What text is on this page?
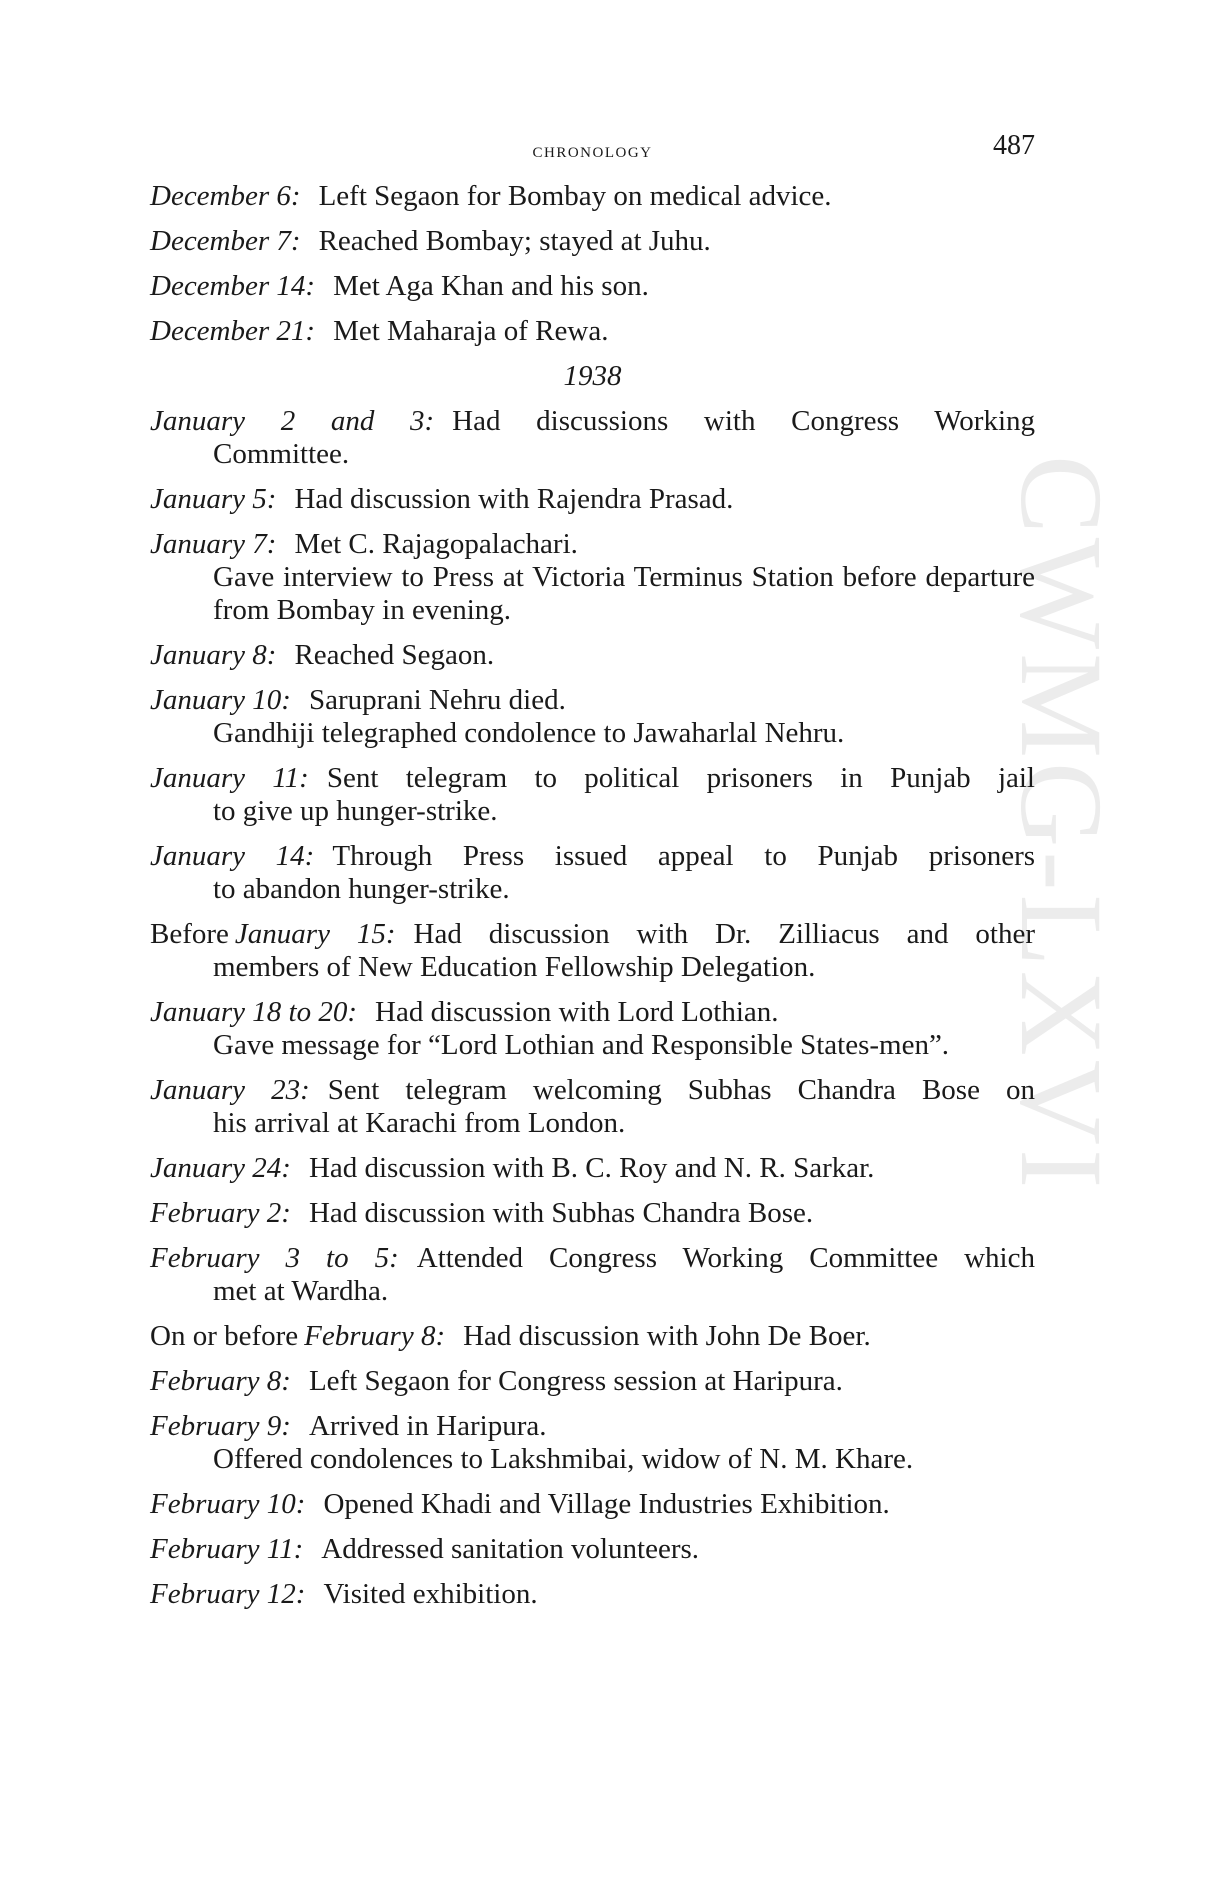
chronology	487
CWMG-LXVI
December 6: Left Segaon for Bombay on medical advice.
December 7: Reached Bombay; stayed at Juhu.
December 14: Met Aga Khan and his son.
December 21: Met Maharaja of Rewa.
1938
January 2 and 3: Had discussions with Congress Working
Committee.
January 5: Had discussion with Rajendra Prasad.
January 7: Met C. Rajagopalachari.
Gave interview to Press at Victoria Terminus Station before departure from Bombay in evening.
January 8: Reached Segaon.
January 10: Saruprani Nehru died.
Gandhiji telegraphed condolence to Jawaharlal Nehru.
January 11: Sent telegram to political prisoners in Punjab jail
to give up hunger-strike.
January 14: Through Press issued appeal to Punjab prisoners
to abandon hunger-strike.
Before January 15: Had discussion with Dr. Zilliacus and other
members of New Education Fellowship Delegation.
January 18 to 20: Had discussion with Lord Lothian.
Gave message for “Lord Lothian and Responsible States-men”.
January 23: Sent telegram welcoming Subhas Chandra Bose on
his arrival at Karachi from London.
January 24: Had discussion with B. C. Roy and N. R. Sarkar.
February 2: Had discussion with Subhas Chandra Bose.
February 3 to 5: Attended Congress Working Committee which
met at Wardha.
On or before February 8: Had discussion with John De Boer.
February 8: Left Segaon for Congress session at Haripura.
February 9: Arrived in Haripura.
Offered condolences to Lakshmibai, widow of N. M. Khare.
February 10: Opened Khadi and Village Industries Exhibition.
February 11: Addressed sanitation volunteers.
February 12: Visited exhibition.
